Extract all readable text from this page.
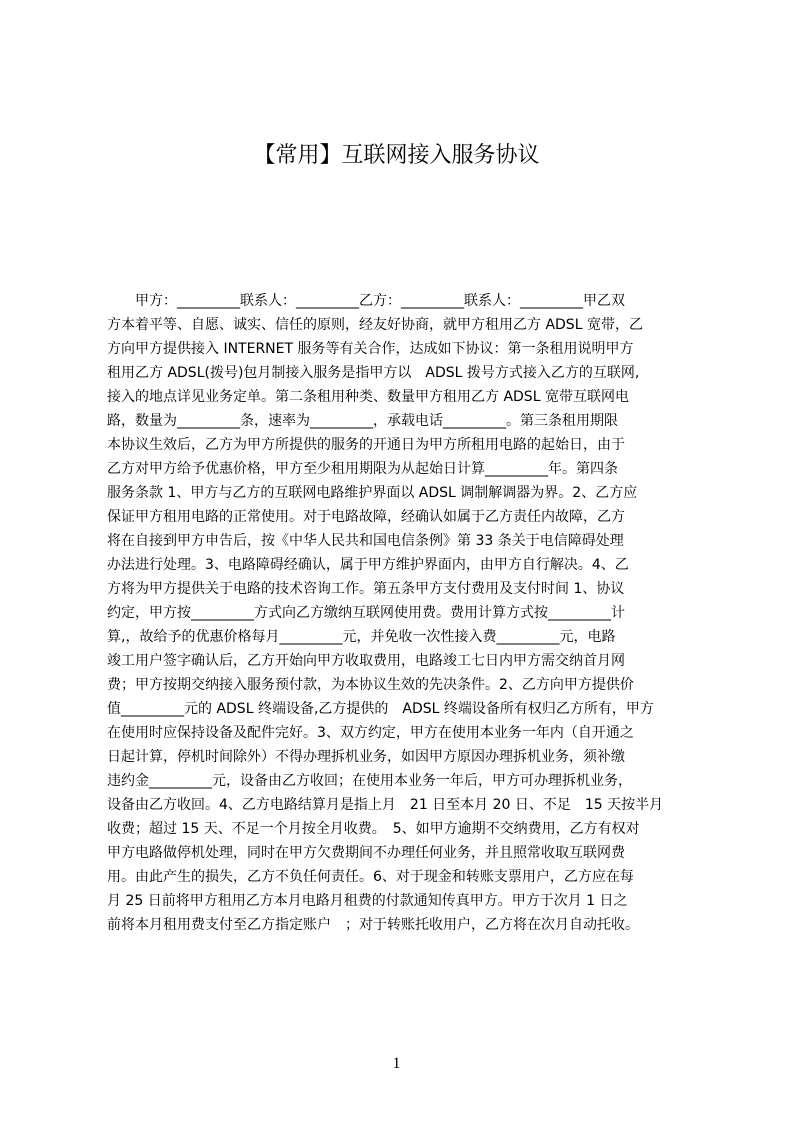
【常用】互联网接入服务协议
　　甲方：_________联系人：_________乙方：_________联系人：_________甲乙双
方本着平等、自愿、诚实、信任的原则，经友好协商，就甲方租用乙方 ADSL 宽带，乙
方向甲方提供接入 INTERNET 服务等有关合作，达成如下协议：第一条租用说明甲方
租用乙方 ADSL(拨号)包月制接入服务是指甲方以　ADSL 拨号方式接入乙方的互联网,
接入的地点详见业务定单。第二条租用种类、数量甲方租用乙方 ADSL 宽带互联网电
路，数量为_________条，速率为_________，承载电话_________。第三条租用期限
本协议生效后，乙方为甲方所提供的服务的开通日为甲方所租用电路的起始日，由于
乙方对甲方给予优惠价格，甲方至少租用期限为从起始日计算_________年。第四条
服务条款 1、甲方与乙方的互联网电路维护界面以 ADSL 调制解调器为界。2、乙方应
保证甲方租用电路的正常使用。对于电路故障，经确认如属于乙方责任内故障，乙方
将在自接到甲方申告后，按《中华人民共和国电信条例》第 33 条关于电信障碍处理
办法进行处理。3、电路障碍经确认，属于甲方维护界面内，由甲方自行解决。4、乙
方将为甲方提供关于电路的技术咨询工作。第五条甲方支付费用及支付时间 1、协议
约定，甲方按_________方式向乙方缴纳互联网使用费。费用计算方式按_________计
算,，故给予的优惠价格每月_________元，并免收一次性接入费_________元，电路
竣工用户签字确认后，乙方开始向甲方收取费用，电路竣工七日内甲方需交纳首月网
费；甲方按期交纳接入服务预付款，为本协议生效的先决条件。2、乙方向甲方提供价
值_________元的 ADSL 终端设备,乙方提供的　ADSL 终端设备所有权归乙方所有，甲方
在使用时应保持设备及配件完好。3、双方约定，甲方在使用本业务一年内（自开通之
日起计算，停机时间除外）不得办理拆机业务，如因甲方原因办理拆机业务，须补缴
违约金_________元，设备由乙方收回；在使用本业务一年后，甲方可办理拆机业务，
设备由乙方收回。4、乙方电路结算月是指上月　21 日至本月 20 日、不足　15 天按半月
收费；超过 15 天、不足一个月按全月收费。　5、如甲方逾期不交纳费用，乙方有权对
甲方电路做停机处理，同时在甲方欠费期间不办理任何业务，并且照常收取互联网费
用。由此产生的损失，乙方不负任何责任。6、对于现金和转账支票用户，乙方应在每
月 25 日前将甲方租用乙方本月电路月租费的付款通知传真甲方。甲方于次月 1 日之
前将本月租用费支付至乙方指定账户　；对于转账托收用户，乙方将在次月自动托收。
1
